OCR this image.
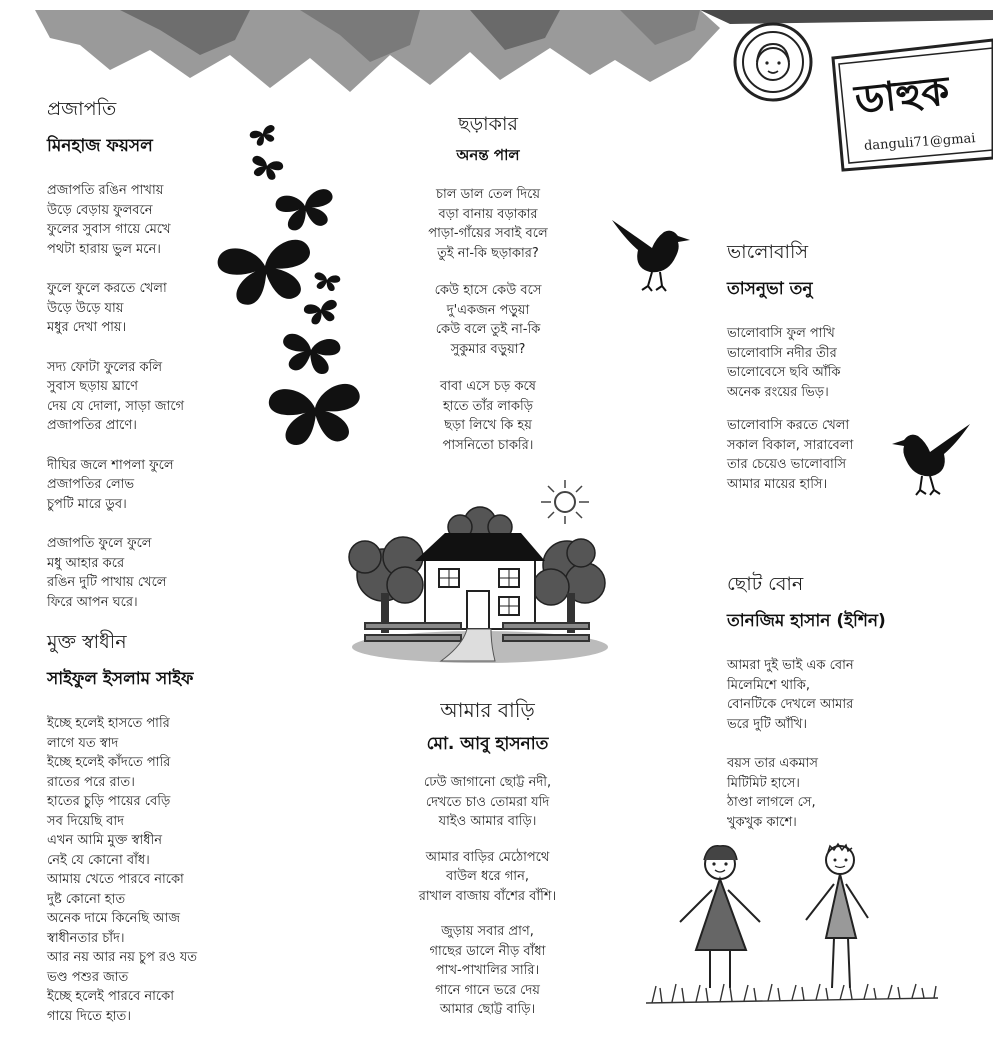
ডাহুক
danguli71@gmai
প্রজাপতি
মিনহাজ ফয়সল
প্রজাপতি রঙিন পাখায়
উড়ে বেড়ায় ফুলবনে
ফুলের সুবাস গায়ে মেখে
পথটা হারায় ভুল মনে।
ফুলে ফুলে করতে খেলা
উড়ে উড়ে যায়
মধুর দেখা পায়।
সদ্য ফোটা ফুলের কলি
সুবাস ছড়ায় ঘ্রাণে
দেয় যে দোলা, সাড়া জাগে
প্রজাপতির প্রাণে।
দীঘির জলে শাপলা ফুলে
প্রজাপতির লোভ
চুপটি মারে ডুব।
প্রজাপতি ফুলে ফুলে
মধু আহার করে
রঙিন দুটি পাখায় খেলে
ফিরে আপন ঘরে।
ছড়াকার
অনন্ত পাল
চাল ডাল তেল দিয়ে
বড়া বানায় বড়াকার
পাড়া-গাঁয়ের সবাই বলে
তুই না-কি ছড়াকার?
কেউ হাসে কেউ বসে
দু'একজন পড়ুয়া
কেউ বলে তুই না-কি
সুকুমার বড়ুয়া?
বাবা এসে চড় কষে
হাতে তাঁর লাকড়ি
ছড়া লিখে কি হয়
পাসনিতো চাকরি।
ভালোবাসি
তাসনুভা তনু
ভালোবাসি ফুল পাখি
ভালোবাসি নদীর তীর
ভালোবেসে ছবি আঁকি
অনেক রংয়ের ভিড়।
ভালোবাসি করতে খেলা
সকাল বিকাল, সারাবেলা
তার চেয়েও ভালোবাসি
আমার মায়ের হাসি।
ছোট বোন
তানজিম হাসান (ইশিন)
আমরা দুই ভাই এক বোন
মিলেমিশে থাকি,
বোনটিকে দেখলে আমার
ভরে দুটি আঁখি।
বয়স তার একমাস
মিটিমিট হাসে।
ঠাণ্ডা লাগলে সে,
খুকখুক কাশে।
মুক্ত স্বাধীন
সাইফুল ইসলাম সাইফ
ইচ্ছে হলেই হাসতে পারি
লাগে যত স্বাদ
ইচ্ছে হলেই কাঁদতে পারি
রাতের পরে রাত।
হাতের চুড়ি পায়ের বেড়ি
সব দিয়েছি বাদ
এখন আমি মুক্ত স্বাধীন
নেই যে কোনো বাঁধ।
আমায় খেতে পারবে নাকো
দুষ্ট কোনো হাত
অনেক দামে কিনেছি আজ
স্বাধীনতার চাঁদ।
আর নয় আর নয় চুপ রও যত
ভণ্ড পশুর জাত
ইচ্ছে হলেই পারবে নাকো
গায়ে দিতে হাত।
আমার বাড়ি
মো. আবু হাসনাত
ঢেউ জাগানো ছোট্ট নদী,
দেখতে চাও তোমরা যদি
যাইও আমার বাড়ি।
আমার বাড়ির মেঠোপথে
বাউল ধরে গান,
রাখাল বাজায় বাঁশের বাঁশি।
জুড়ায় সবার প্রাণ,
গাছের ডালে নীড় বাঁধা
পাখ-পাখালির সারি।
গানে গানে ভরে দেয়
আমার ছোট্ট বাড়ি।
